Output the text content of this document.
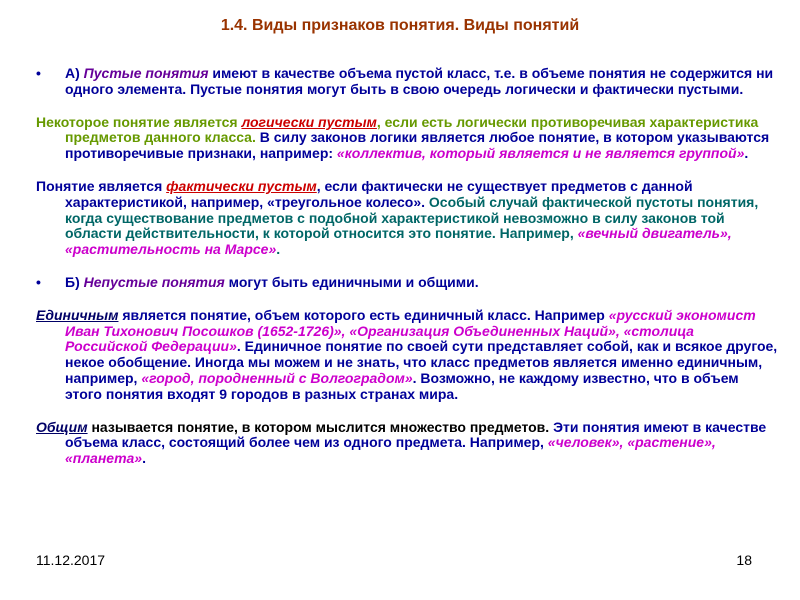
1.4. Виды признаков понятия. Виды понятий
• А) Пустые понятия имеют в качестве объема пустой класс, т.е. в объеме понятия не содержится ни одного элемента. Пустые понятия могут быть в свою очередь логически и фактически пустыми.
Некоторое понятие является логически пустым, если есть логически противоречивая характеристика предметов данного класса. В силу законов логики является любое понятие, в котором указываются противоречивые признаки, например: «коллектив, который является и не является группой».
Понятие является фактически пустым, если фактически не существует предметов с данной характеристикой, например, «треугольное колесо». Особый случай фактической пустоты понятия, когда существование предметов с подобной характеристикой невозможно в силу законов той области действительности, к которой относится это понятие. Например, «вечный двигатель», «растительность на Марсе».
• Б) Непустые понятия могут быть единичными и общими.
Единичным является понятие, объем которого есть единичный класс. Например «русский экономист Иван Тихонович Посошков (1652-1726)», «Организация Объединенных Наций», «столица Российской Федерации». Единичное понятие по своей сути представляет собой, как и всякое другое, некое обобщение. Иногда мы можем и не знать, что класс предметов является именно единичным, например, «город, породненный с Волгоградом». Возможно, не каждому известно, что в объем этого понятия входят 9 городов в разных странах мира.
Общим называется понятие, в котором мыслится множество предметов. Эти понятия имеют в качестве объема класс, состоящий более чем из одного предмета. Например, «человек», «растение», «планета».
11.12.2017	18
